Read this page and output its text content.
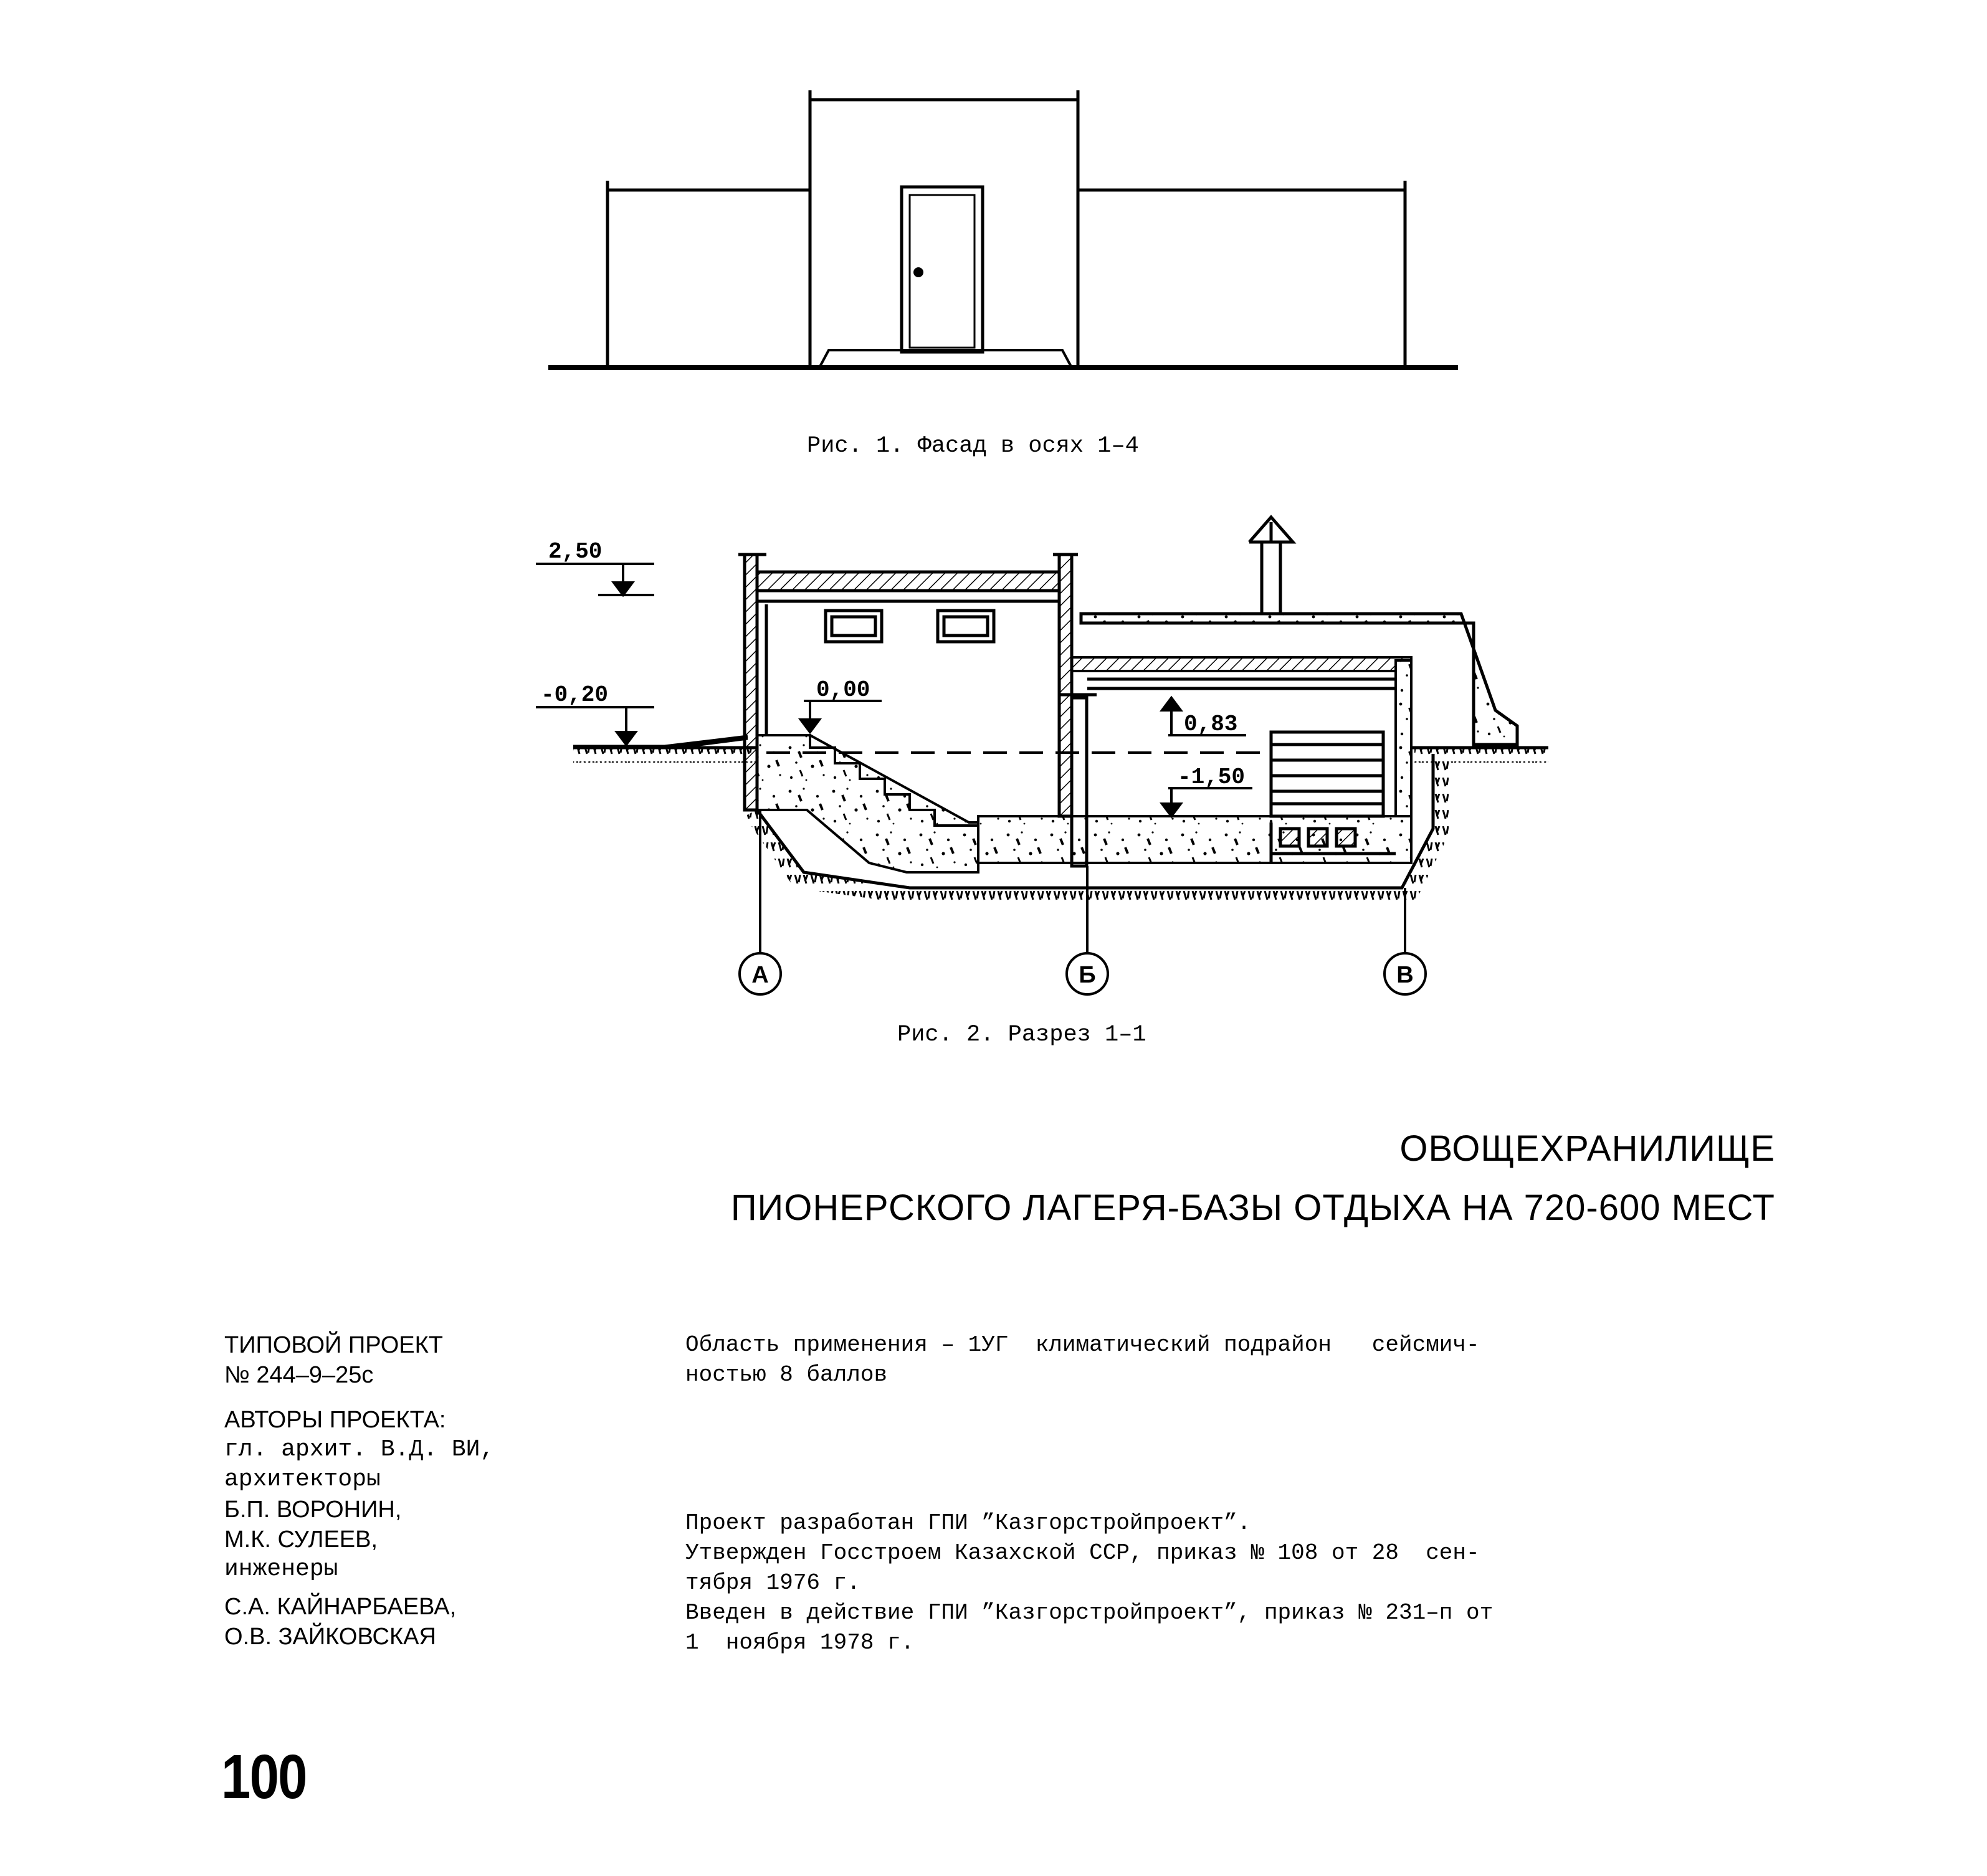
Рис. 1. Фасад в осях 1–4
2,50
-0,20	0,00
0,83
-1,50
А	Б	В
Рис. 2. Разрез 1–1
ОВОЩЕХРАНИЛИЩЕ
ПИОНЕРСКОГО ЛАГЕРЯ-БАЗЫ ОТДЫХА НА 720-600 МЕСТ
ТИПОВОЙ ПРОЕКТ
№ 244–9–25с
АВТОРЫ ПРОЕКТА:
гл. архит. В.Д. ВИ,
архитекторы
Б.П. ВОРОНИН,
М.К. СУЛЕЕВ,
инженеры
С.А. КАЙНАРБАЕВА,
О.В. ЗАЙКОВСКАЯ
Область применения – 1УГ  климатический подрайон   сейсмич-
ностью 8 баллов
Проект разработан ГПИ ”Казгорстройпроект”.
Утвержден Госстроем Казахской ССР, приказ № 108 от 28  сен-
тября 1976 г.
Введен в действие ГПИ ”Казгорстройпроект”, приказ № 231–п от
1  ноября 1978 г.
100
